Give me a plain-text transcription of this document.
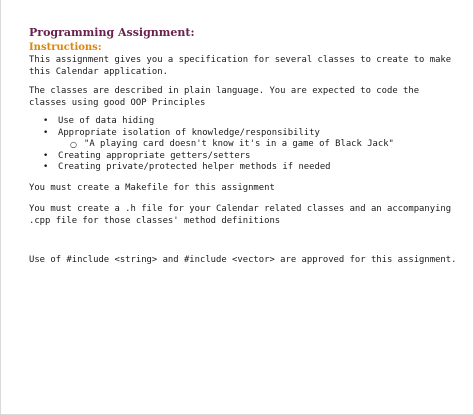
Programming Assignment:
Instructions:
This assignment gives you a specification for several classes to create to make
this Calendar application.
The classes are described in plain language. You are expected to code the
classes using good OOP Principles
• Use of data hiding
• Appropriate isolation of knowledge/responsibility
○ "A playing card doesn't know it's in a game of Black Jack"
• Creating appropriate getters/setters
• Creating private/protected helper methods if needed
You must create a Makefile for this assignment
You must create a .h file for your Calendar related classes and an accompanying
.cpp file for those classes' method definitions
Use of #include <string> and #include <vector> are approved for this assignment.
